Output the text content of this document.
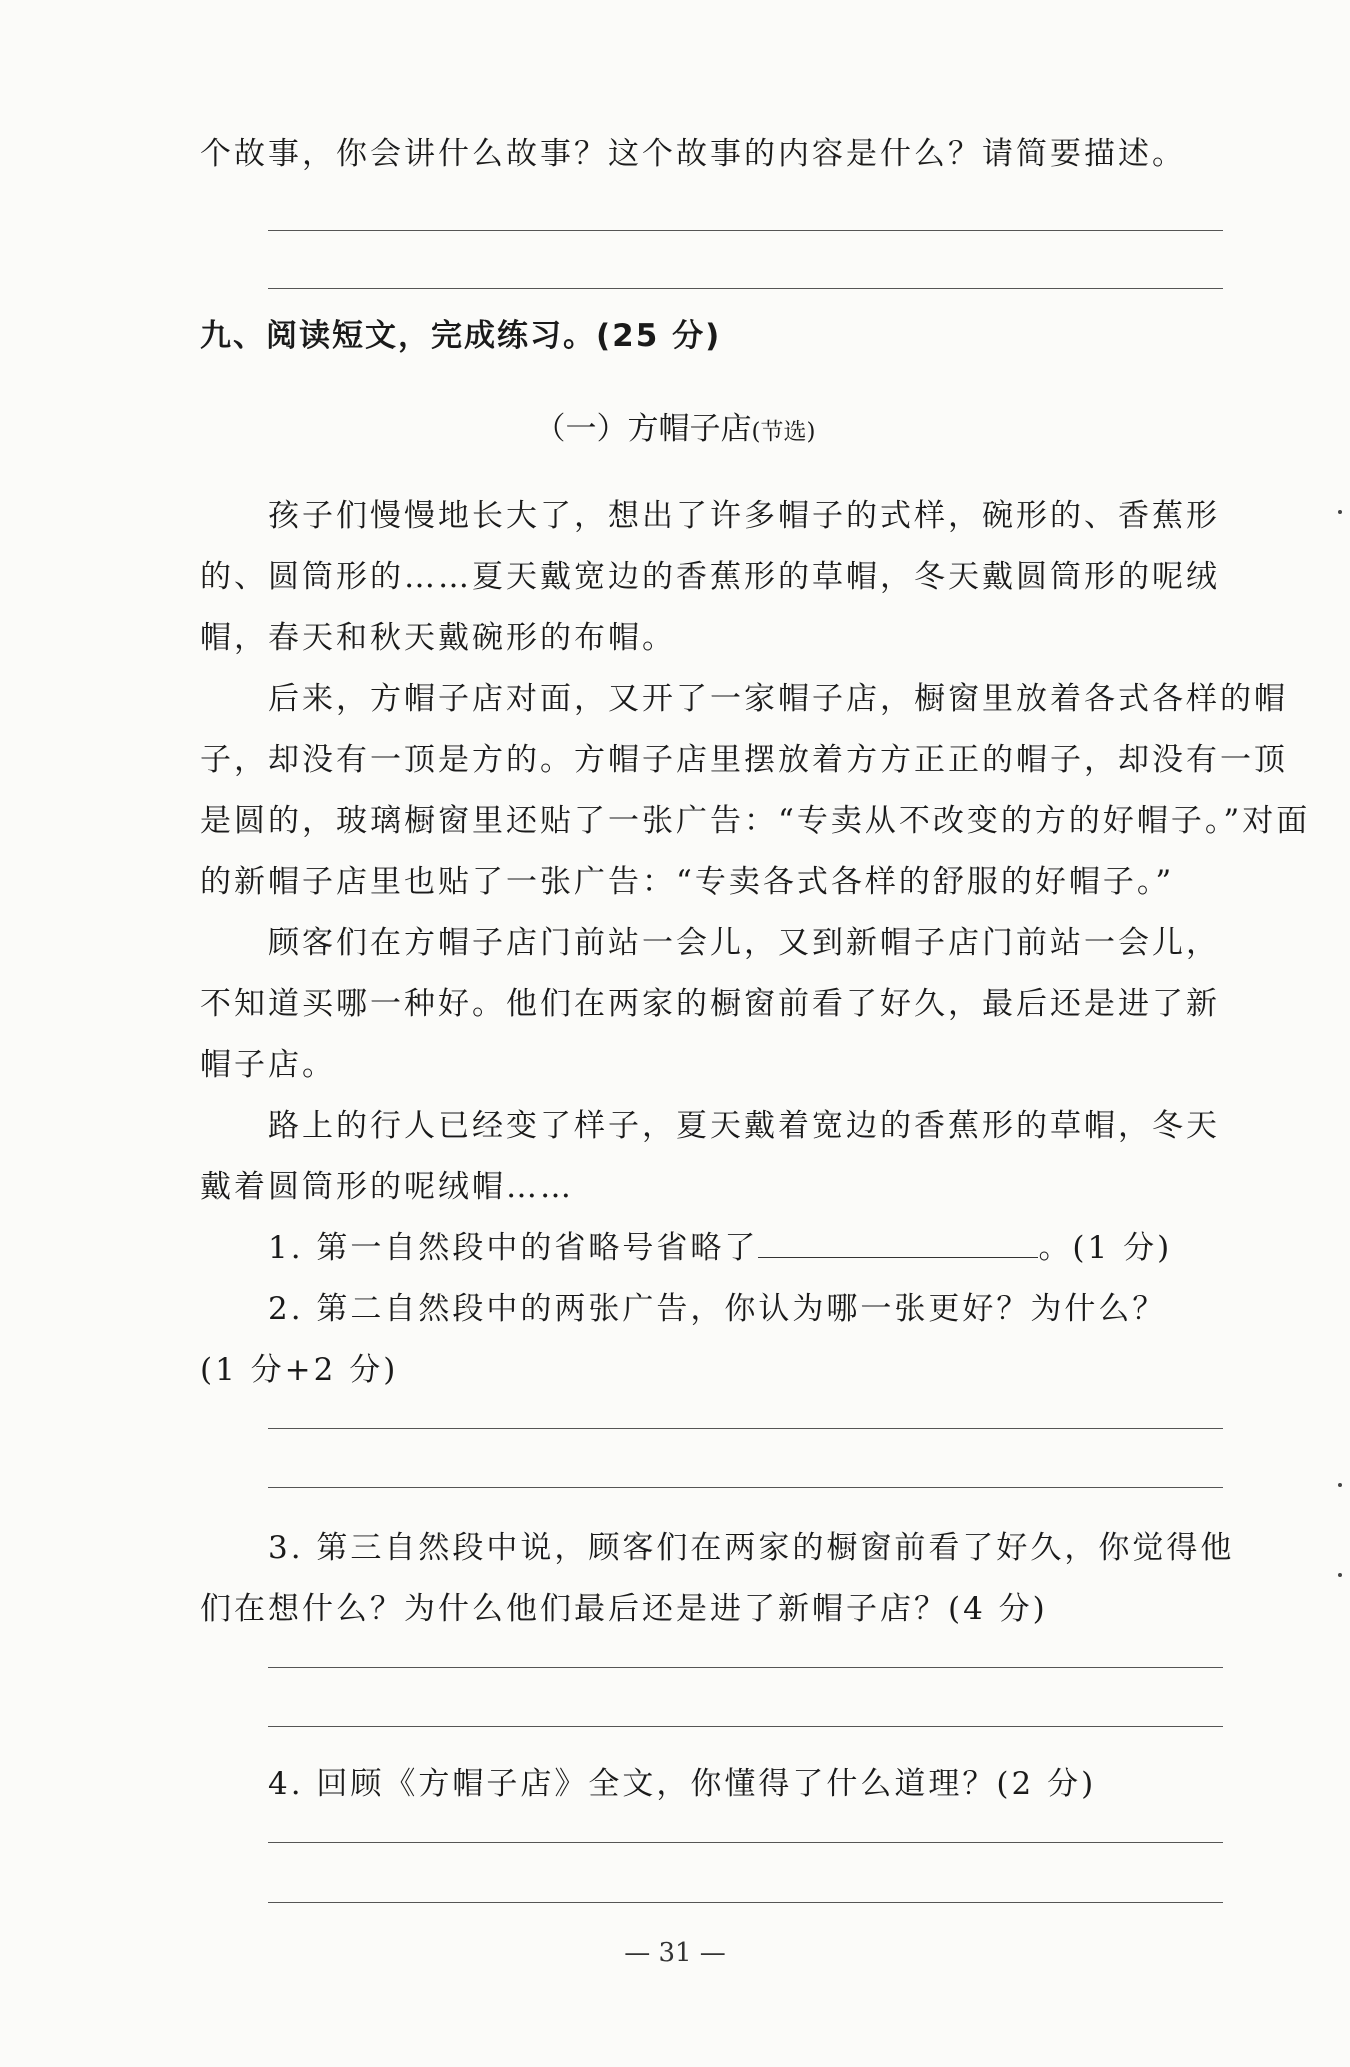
个故事，你会讲什么故事？这个故事的内容是什么？请简要描述。
九、阅读短文，完成练习。(25 分)
（一）方帽子店(节选)
孩子们慢慢地长大了，想出了许多帽子的式样，碗形的、香蕉形
的、圆筒形的……夏天戴宽边的香蕉形的草帽，冬天戴圆筒形的呢绒
帽，春天和秋天戴碗形的布帽。
后来，方帽子店对面，又开了一家帽子店，橱窗里放着各式各样的帽
子，却没有一顶是方的。方帽子店里摆放着方方正正的帽子，却没有一顶
是圆的，玻璃橱窗里还贴了一张广告：“专卖从不改变的方的好帽子。”对面
的新帽子店里也贴了一张广告：“专卖各式各样的舒服的好帽子。”
顾客们在方帽子店门前站一会儿，又到新帽子店门前站一会儿，
不知道买哪一种好。他们在两家的橱窗前看了好久，最后还是进了新
帽子店。
路上的行人已经变了样子，夏天戴着宽边的香蕉形的草帽，冬天
戴着圆筒形的呢绒帽……
1. 第一自然段中的省略号省略了	。(1 分)
2. 第二自然段中的两张广告，你认为哪一张更好？为什么？
(1 分+2 分)
3. 第三自然段中说，顾客们在两家的橱窗前看了好久，你觉得他
们在想什么？为什么他们最后还是进了新帽子店？(4 分)
4. 回顾《方帽子店》全文，你懂得了什么道理？(2 分)
— 31 —
